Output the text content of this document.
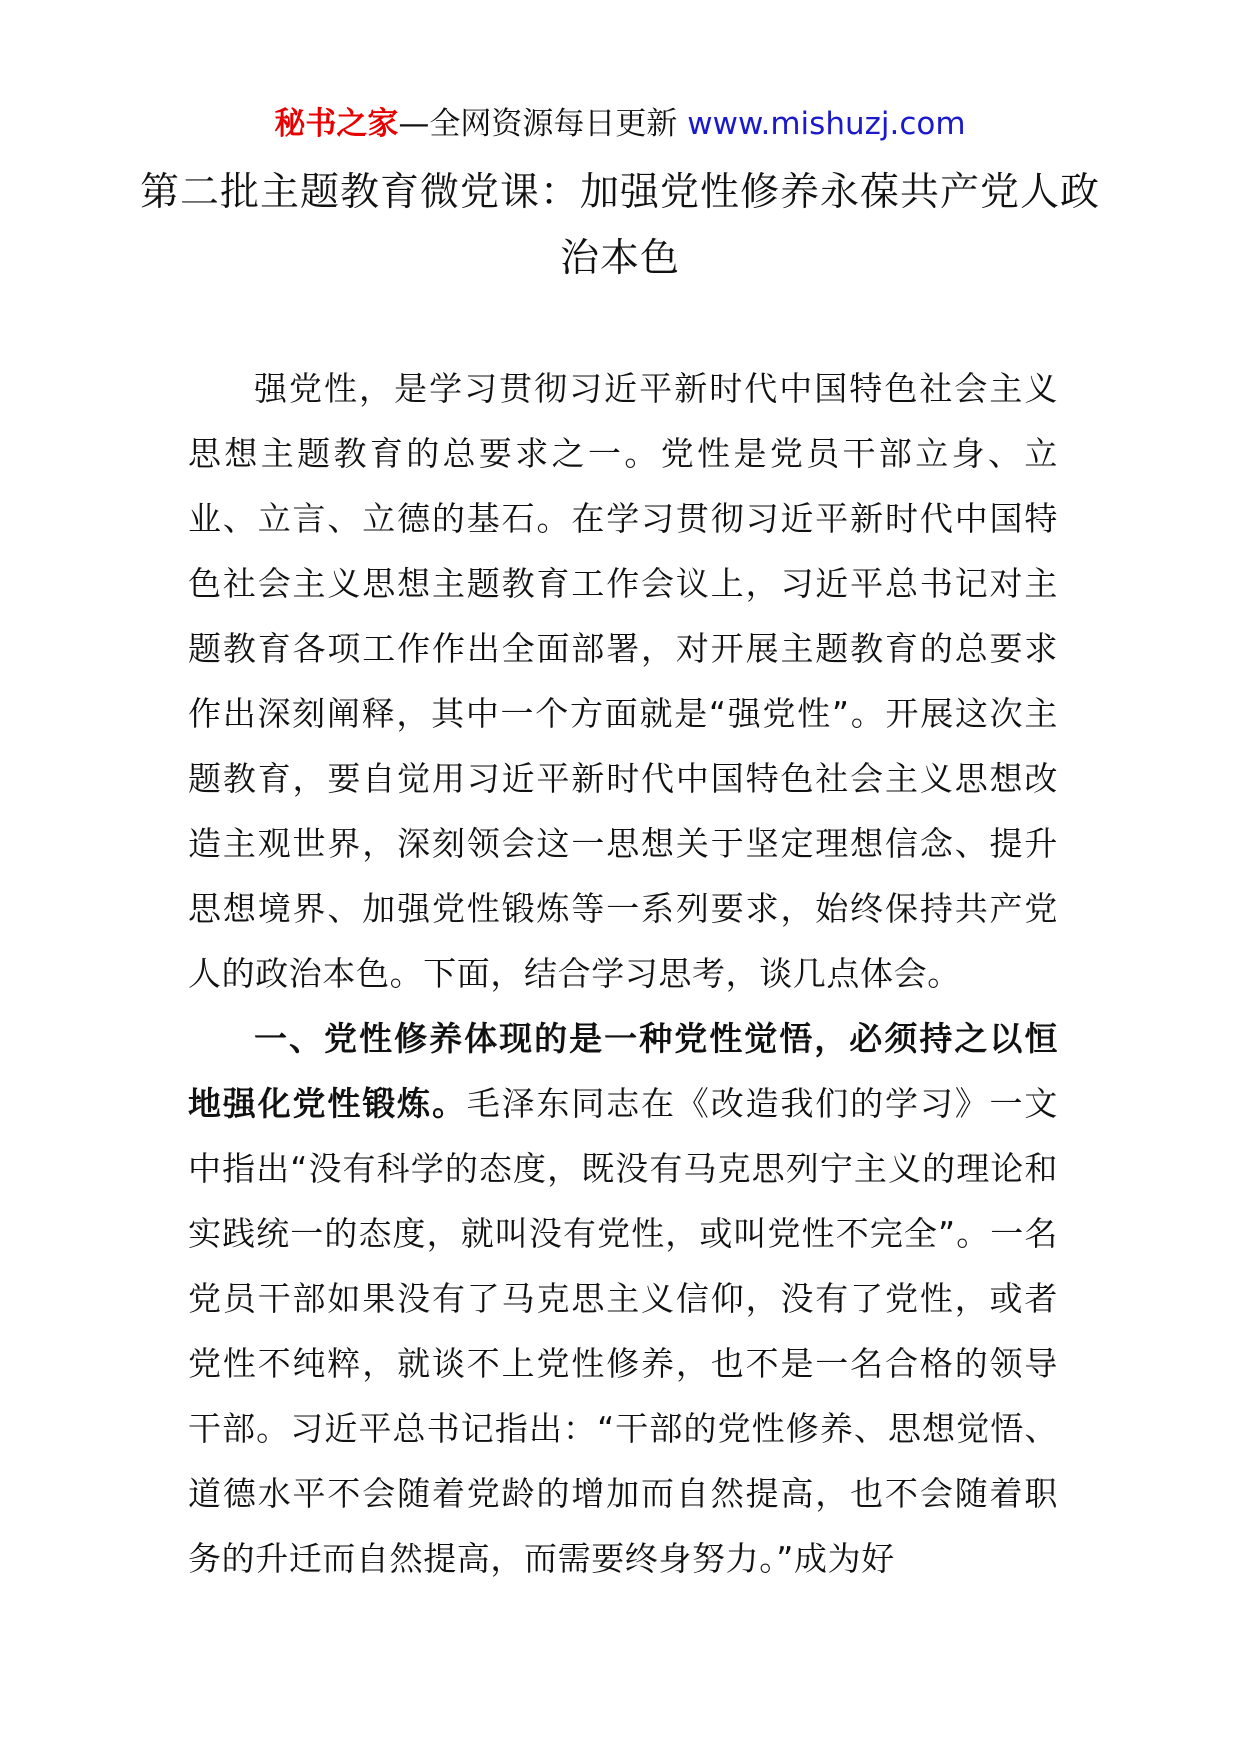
秘书之家—全网资源每日更新 www.mishuzj.com
第二批主题教育微党课：加强党性修养永葆共产党人政治本色

强党性，是学习贯彻习近平新时代中国特色社会主义思想主题教育的总要求之一。党性是党员干部立身、立业、立言、立德的基石。在学习贯彻习近平新时代中国特色社会主义思想主题教育工作会议上，习近平总书记对主题教育各项工作作出全面部署，对开展主题教育的总要求作出深刻阐释，其中一个方面就是“强党性”。开展这次主题教育，要自觉用习近平新时代中国特色社会主义思想改造主观世界，深刻领会这一思想关于坚定理想信念、提升思想境界、加强党性锻炼等一系列要求，始终保持共产党人的政治本色。下面，结合学习思考，谈几点体会。

一、党性修养体现的是一种党性觉悟，必须持之以恒地强化党性锻炼。毛泽东同志在《改造我们的学习》一文中指出“没有科学的态度，既没有马克思列宁主义的理论和实践统一的态度，就叫没有党性，或叫党性不完全”。一名党员干部如果没有了马克思主义信仰，没有了党性，或者党性不纯粹，就谈不上党性修养，也不是一名合格的领导干部。习近平总书记指出：“干部的党性修养、思想觉悟、道德水平不会随着党龄的增加而自然提高，也不会随着职务的升迁而自然提高，而需要终身努力。”成为好
